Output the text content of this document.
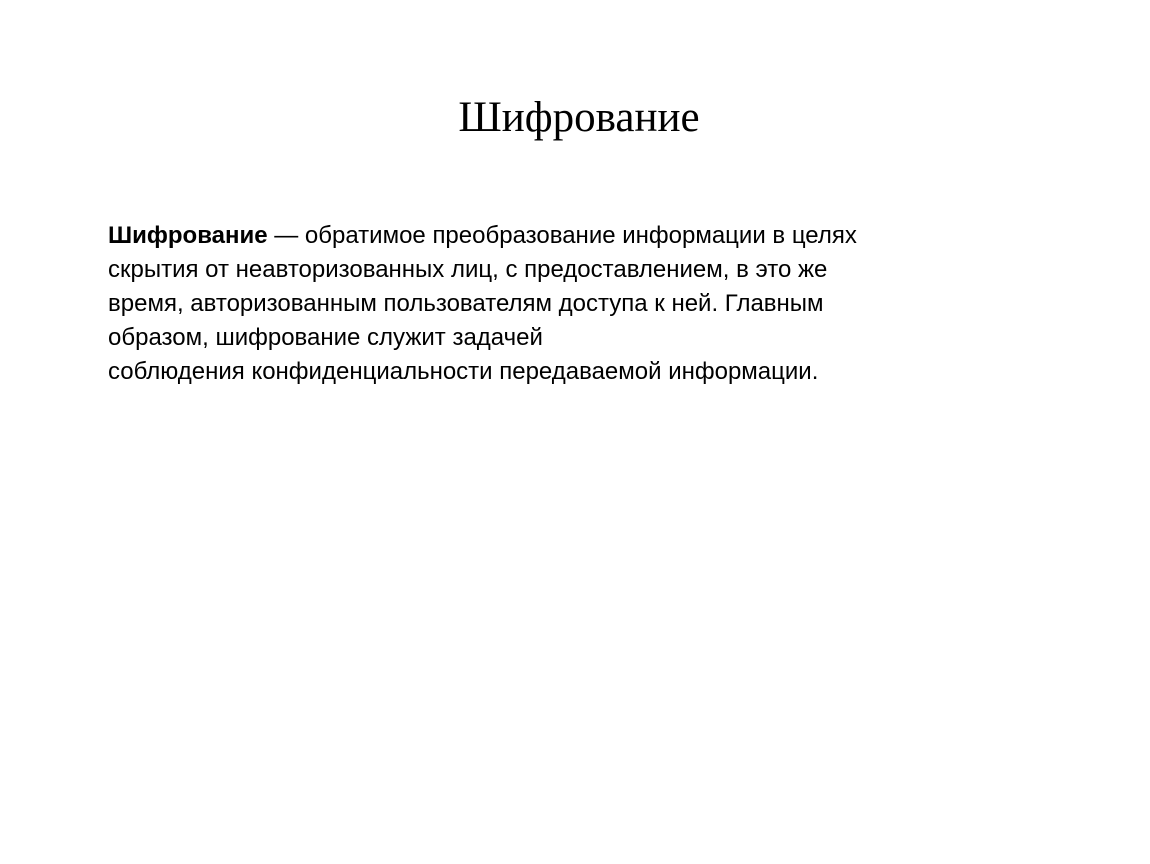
Шифрование
Шифрование — обратимое преобразование информации в целях
скрытия от неавторизованных лиц, с предоставлением, в это же
время, авторизованным пользователям доступа к ней. Главным
образом, шифрование служит задачей
соблюдения конфиденциальности передаваемой информации.
